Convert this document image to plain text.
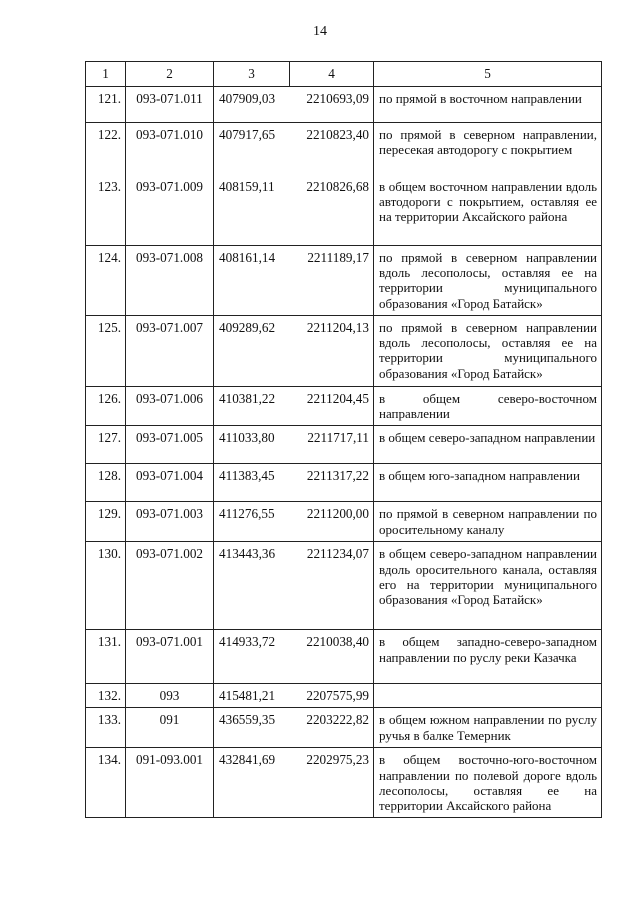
14
1	2	3	4	5
121.	093-071.011	407909,03	2210693,09	по прямой в восточном направлении
122.	093-071.010	407917,65	2210823,40	по прямой в северном направлении, пересекая автодорогу с покрытием
123.	093-071.009	408159,11	2210826,68	в общем восточном направлении вдоль автодороги с покрытием, оставляя ее на территории Аксайского района
124.	093-071.008	408161,14	2211189,17	по прямой в северном направлении вдоль лесополосы, оставляя ее на территории муниципального образования «Город Батайск»
125.	093-071.007	409289,62	2211204,13	по прямой в северном направлении вдоль лесополосы, оставляя ее на территории муниципального образования «Город Батайск»
126.	093-071.006	410381,22	2211204,45	в общем северо-восточном направлении
127.	093-071.005	411033,80	2211717,11	в общем северо-западном направлении
128.	093-071.004	411383,45	2211317,22	в общем юго-западном направлении
129.	093-071.003	411276,55	2211200,00	по прямой в северном направлении по оросительному каналу
130.	093-071.002	413443,36	2211234,07	в общем северо-западном направлении вдоль оросительного канала, оставляя его на территории муниципального образования «Город Батайск»
131.	093-071.001	414933,72	2210038,40	в общем западно-северо-западном направлении по руслу реки Казачка
132.	093	415481,21	2207575,99	
133.	091	436559,35	2203222,82	в общем южном направлении по руслу ручья в балке Темерник
134.	091-093.001	432841,69	2202975,23	в общем восточно-юго-восточном направлении по полевой дороге вдоль лесополосы, оставляя ее на территории Аксайского района
